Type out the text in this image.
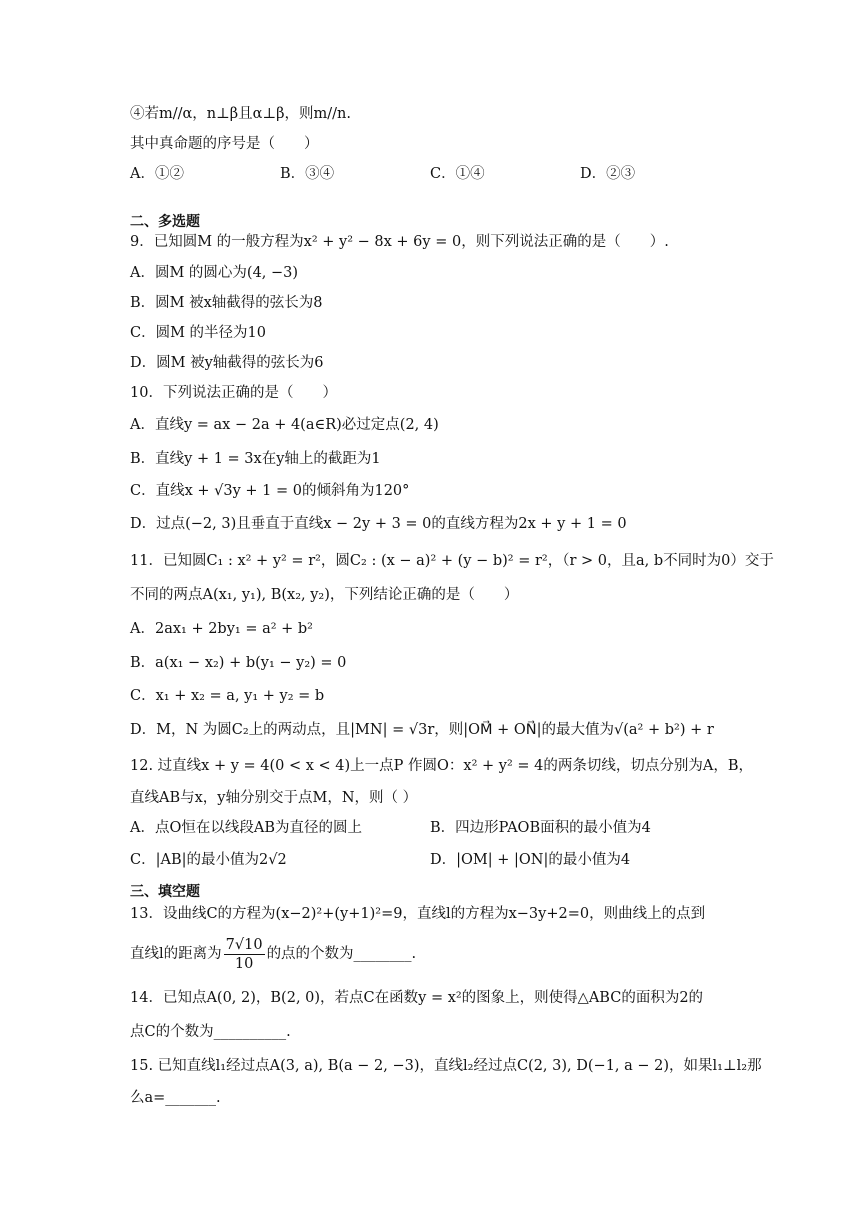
④若m//α，n⊥β且α⊥β，则m//n.
其中真命题的序号是（　　）
A．①②	B．③④	C．①④	D．②③
二、多选题
9．已知圆M 的一般方程为x² + y² − 8x + 6y = 0，则下列说法正确的是（　　）.
A．圆M 的圆心为(4, −3)
B．圆M 被x轴截得的弦长为8
C．圆M 的半径为10
D．圆M 被y轴截得的弦长为6
10．下列说法正确的是（　　）
A．直线y = ax − 2a + 4(a∈R)必过定点(2, 4)
B．直线y + 1 = 3x在y轴上的截距为1
C．直线x + √3y + 1 = 0的倾斜角为120°
D．过点(−2, 3)且垂直于直线x − 2y + 3 = 0的直线方程为2x + y + 1 = 0
11．已知圆C₁ : x² + y² = r²，圆C₂ : (x − a)² + (y − b)² = r²，（r > 0，且a, b不同时为0）交于
不同的两点A(x₁, y₁), B(x₂, y₂)，下列结论正确的是（　　）
A．2ax₁ + 2by₁ = a² + b²
B．a(x₁ − x₂) + b(y₁ − y₂) = 0
C．x₁ + x₂ = a, y₁ + y₂ = b
D．M，N 为圆C₂上的两动点，且|MN| = √3r，则|OM⃗ + ON⃗|的最大值为√(a² + b²) + r
12. 过直线x + y = 4(0 < x < 4)上一点P 作圆O：x² + y² = 4的两条切线，切点分别为A，B，
直线AB与x，y轴分别交于点M，N，则（ ）
A．点O恒在以线段AB为直径的圆上	B．四边形PAOB面积的最小值为4
C．|AB|的最小值为2√2	D．|OM| + |ON|的最小值为4
三、填空题
13．设曲线C的方程为(x−2)²+(y+1)²=9，直线l的方程为x−3y+2=0，则曲线上的点到
直线l的距离为 $\frac{7√10}{10}$ 的点的个数为________.
14．已知点A(0, 2)，B(2, 0)，若点C在函数y = x²的图象上，则使得△ABC的面积为2的
点C的个数为__________.
15. 已知直线l₁经过点A(3, a), B(a − 2, −3)，直线l₂经过点C(2, 3), D(−1, a − 2)，如果l₁⊥l₂那
么a=_______.
